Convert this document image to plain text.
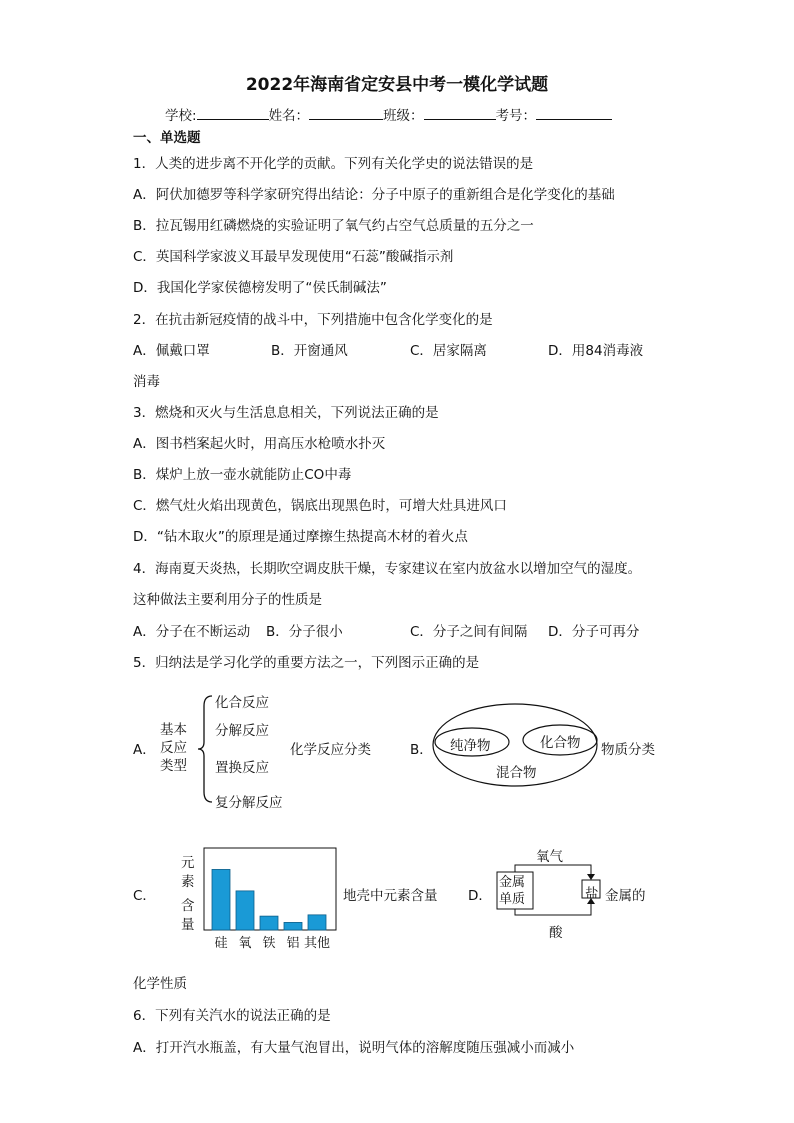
2022年海南省定安县中考一模化学试题
学校:	姓名：	班级：	考号：
一、单选题
1．人类的进步离不开化学的贡献。下列有关化学史的说法错误的是
A．阿伏加德罗等科学家研究得出结论：分子中原子的重新组合是化学变化的基础
B．拉瓦锡用红磷燃烧的实验证明了氧气约占空气总质量的五分之一
C．英国科学家波义耳最早发现使用“石蕊”酸碱指示剂
D．我国化学家侯德榜发明了“侯氏制碱法”
2．在抗击新冠疫情的战斗中，下列措施中包含化学变化的是
A．佩戴口罩	B．开窗通风	C．居家隔离	D．用84消毒液
消毒
3．燃烧和灭火与生活息息相关，下列说法正确的是
A．图书档案起火时，用高压水枪喷水扑灭
B．煤炉上放一壶水就能防止CO中毒
C．燃气灶火焰出现黄色，锅底出现黑色时，可增大灶具进风口
D．“钻木取火”的原理是通过摩擦生热提高木材的着火点
4．海南夏天炎热，长期吹空调皮肤干燥，专家建议在室内放盆水以增加空气的湿度。
这种做法主要利用分子的性质是
A．分子在不断运动 B．分子很小	C．分子之间有间隔 D．分子可再分
5．归纳法是学习化学的重要方法之一，下列图示正确的是
A．
基本
反应
类型
化合反应
分解反应
置换反应
复分解反应
化学反应分类	B． 纯净物	化合物
混合物
物质分类
C．
元
素
含
量
硅 氧 铁 铝 其他
地壳中元素含量 D．
氧气
金属
单质	盐
酸
金属的
化学性质
6．下列有关汽水的说法正确的是
A．打开汽水瓶盖，有大量气泡冒出，说明气体的溶解度随压强减小而减小
